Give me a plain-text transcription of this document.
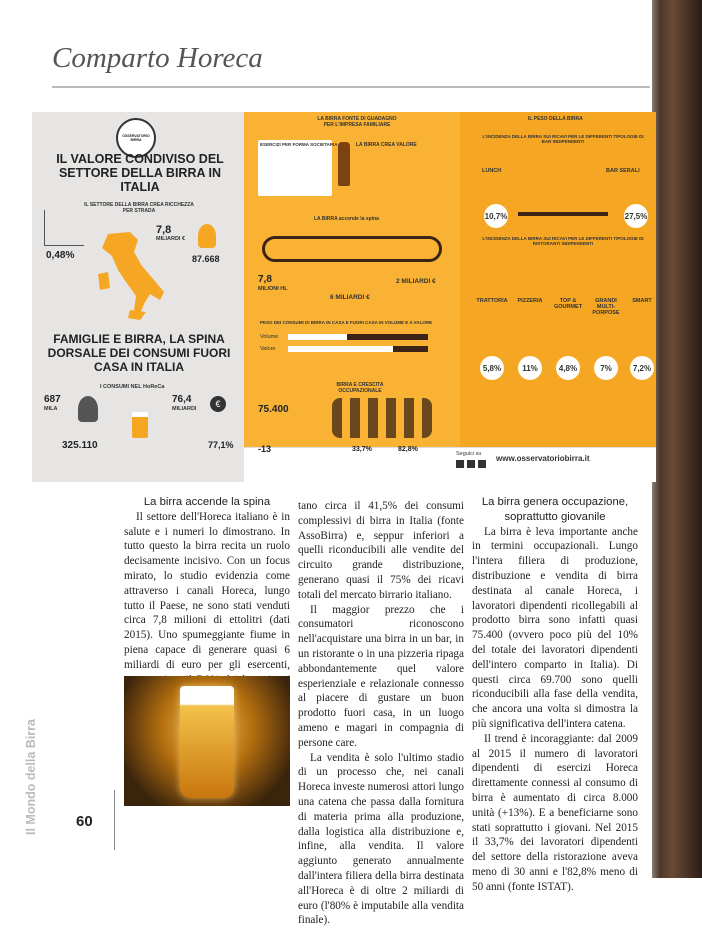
Comparto Horeca
OSSERVATORIO BIRRA
IL VALORE CONDIVISO DEL SETTORE DELLA BIRRA IN ITALIA
IL SETTORE DELLA BIRRA CREA RICCHEZZA PER STRADA
7,8
MILIARDI €
0,48%	87.668
FAMIGLIE E BIRRA, LA SPINA DORSALE DEI CONSUMI FUORI CASA IN ITALIA
I CONSUMI NEL HoReCa
687
MILA
76,4
MILIARDI	€
325.110	77,1%
LA BIRRA FONTE DI GUADAGNO PER L'IMPRESA FAMILIARE
ESERCIZI PER FORMA SOCIETARIA	LA BIRRA CREA VALORE
LA BIRRA accende la spina
7,8
MILIONI HL
6 MILIARDI €
2 MILIARDI €
PESO DEI CONSUMI DI BIRRA IN CASA E FUORI CASA IN VOLUME E A VALORE
Volume
Valore
BIRRA E CRESCITA OCCUPAZIONALE
75.400
-13	33,7%	82,8%
IL PESO DELLA BIRRA
L'INCIDENZA DELLA BIRRA SUI RICAVI PER LE DIFFERENTI TIPOLOGIE DI BAR INDIPENDENTI
LUNCH	BAR SERALI
10,7%	27,5%
L'INCIDENZA DELLA BIRRA SUI RICAVI PER LE DIFFERENTI TIPOLOGIE DI RISTORANTI INDIPENDENTI
TRATTORIA	PIZZERIA	TOP & GOURMET
GRANDI MULTI-PORPOSE
SMART
5,8%	11%	4,8%	7%	7,2%
Seguici su www.osservatoriobirra.it
La birra accende la spina

Il settore dell'Horeca italiano è in salute e i numeri lo dimostrano. In tutto questo la birra recita un ruolo decisamente incisivo. Con un focus mirato, lo studio evidenzia come attraverso i canali Horeca, lungo tutto il Paese, ne sono stati venduti circa 7,8 milioni di ettolitri (dati 2015). Uno spumeggiante fiume in piena capace di generare quasi 6 miliardi di euro per gli esercenti,

tano circa il 41,5% dei consumi complessivi di birra in Italia (fonte AssoBirra) e, seppur inferiori a quelli riconducibili alle vendite del circuito grande distribuzione, generano quasi il 75% dei ricavi totali del mercato birrario italiano.

Il maggior prezzo che i consumatori riconoscono nell'acquistare una birra in un bar, in un ristorante o in una pizzeria ripaga abbondantemente quel valore esperienziale e relazionale connesso al piacere di gustare un buon prodotto fuori casa, in un luogo ameno e magari in compagnia di persone care.

La vendita è solo l'ultimo stadio di un processo che, nei canali Horeca investe numerosi attori lungo una catena che passa dalla fornitura di materia prima alla produzione, dalla logistica alla distribuzione e, infine, alla vendita. Il valore aggiunto generato annualmente dall'intera filiera della birra destinata all'Horeca è di oltre 2 miliardi di euro (l'80% è imputabile alla vendita finale).

La birra genera occupazione, soprattutto giovanile

La birra è leva importante anche in termini occupazionali. Lungo l'intera filiera di produzione, distribuzione e vendita di birra destinata al canale Horeca, i lavoratori dipendenti ricollegabili al prodotto birra sono infatti quasi 75.400 (ovvero poco più del 10% del totale dei lavoratori dipendenti dell'intero comparto in Italia). Di questi circa 69.700 sono quelli riconducibili alla fase della vendita, che ancora una volta si dimostra la più significativa dell'intera catena.

Il trend è incoraggiante: dal 2009 al 2015 il numero di lavoratori dipendenti di esercizi Horeca direttamente connessi al consumo di birra è aumentato di circa 8.000 unità (+13%). E a beneficiarne sono stati soprattutto i giovani. Nel 2015 il 33,7% dei lavoratori dipendenti del settore della ristorazione aveva meno di 30 anni e l'82,8% meno di 50 anni (fonte ISTAT).

Il Mondo della Birra	60
